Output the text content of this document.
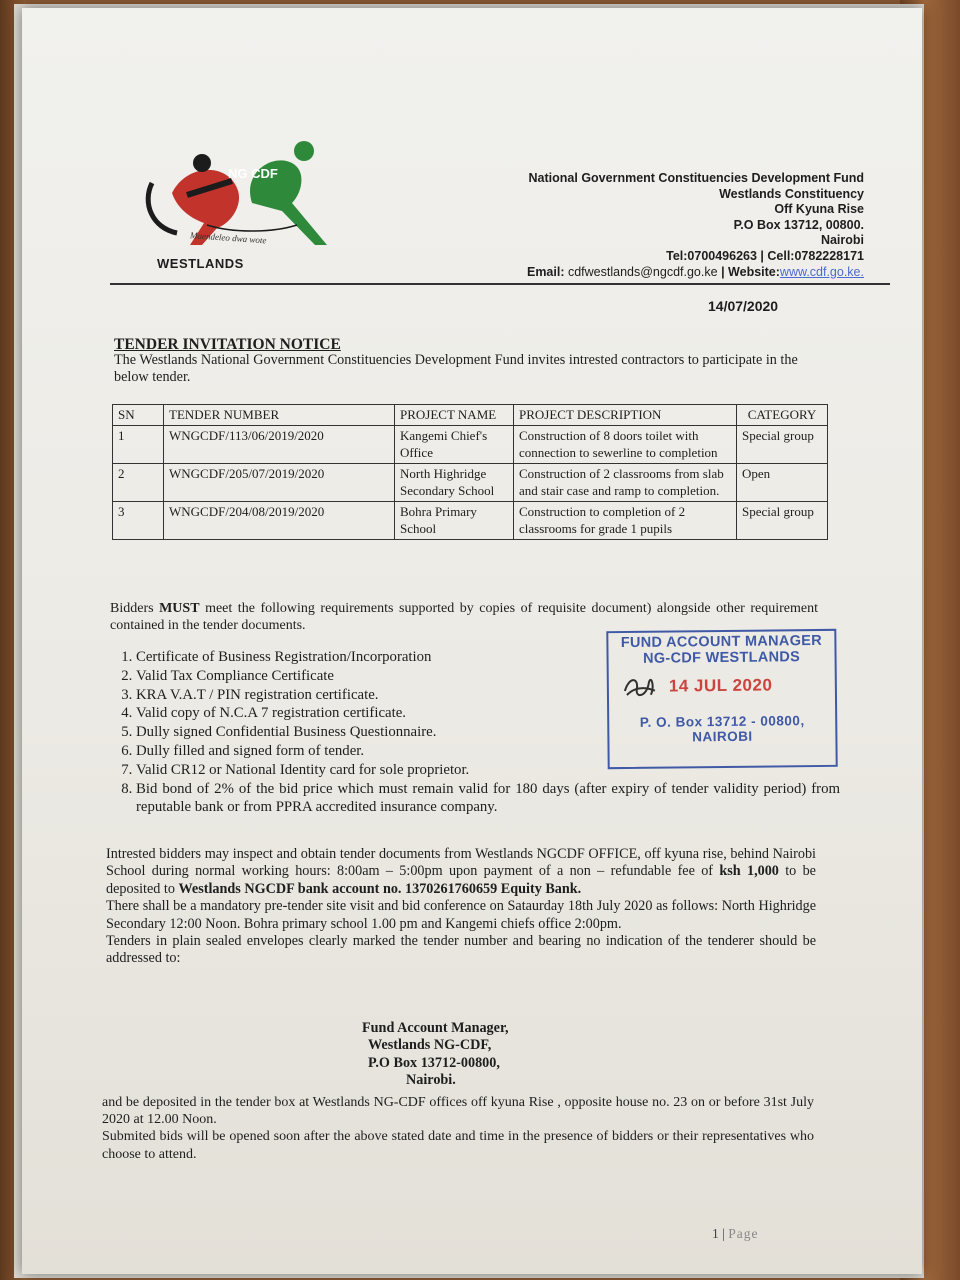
NG CDF
Maendeleo dwa wote
WESTLANDS
National Government Constituencies Development Fund
Westlands Constituency
Off Kyuna Rise
P.O Box 13712, 00800.
Nairobi
Tel:0700496263 | Cell:0782228171
Email: cdfwestlands@ngcdf.go.ke | Website:www.cdf.go.ke.
14/07/2020
TENDER INVITATION NOTICE
The Westlands National Government Constituencies Development Fund invites intrested contractors to participate in the below tender.
SN	TENDER NUMBER	PROJECT NAME	PROJECT DESCRIPTION	CATEGORY
1	WNGCDF/113/06/2019/2020	Kangemi Chief's Office	Construction of 8 doors toilet with connection to sewerline to completion	Special group
2	WNGCDF/205/07/2019/2020	North Highridge Secondary School	Construction of 2 classrooms from slab and stair case and ramp to completion.	Open
3	WNGCDF/204/08/2019/2020	Bohra Primary School	Construction to completion of 2 classrooms for grade 1 pupils	Special group
Bidders MUST meet the following requirements supported by copies of requisite document) alongside other requirement contained in the tender documents.
1. Certificate of Business Registration/Incorporation
2. Valid Tax Compliance Certificate
3. KRA V.A.T / PIN registration certificate.
4. Valid copy of N.C.A 7 registration certificate.
5. Dully signed Confidential Business Questionnaire.
6. Dully filled and signed form of tender.
7. Valid CR12 or National Identity card for sole proprietor.
8. Bid bond of 2% of the bid price which must remain valid for 180 days (after expiry of tender validity period) from reputable bank or from PPRA accredited insurance company.
FUND ACCOUNT MANAGER
NG-CDF WESTLANDS
14 JUL 2020
P. O. Box 13712 - 00800,
NAIROBI

Intrested bidders may inspect and obtain tender documents from Westlands NGCDF OFFICE, off kyuna rise, behind Nairobi School during normal working hours: 8:00am – 5:00pm upon payment of a non – refundable fee of ksh 1,000 to be deposited to Westlands NGCDF bank account no. 1370261760659 Equity Bank.

There shall be a mandatory pre-tender site visit and bid conference on Sataurday 18th July 2020 as follows: North Highridge Secondary 12:00 Noon. Bohra primary school 1.00 pm and Kangemi chiefs office 2:00pm.

Tenders in plain sealed envelopes clearly marked the tender number and bearing no indication of the tenderer should be addressed to:

Fund Account Manager,
Westlands NG-CDF,
P.O Box 13712-00800,
Nairobi.

and be deposited in the tender box at Westlands NG-CDF offices off kyuna Rise , opposite house no. 23 on or before 31st July 2020 at 12.00 Noon.

Submited bids will be opened soon after the above stated date and time in the presence of bidders or their representatives who choose to attend.

1 | Page
